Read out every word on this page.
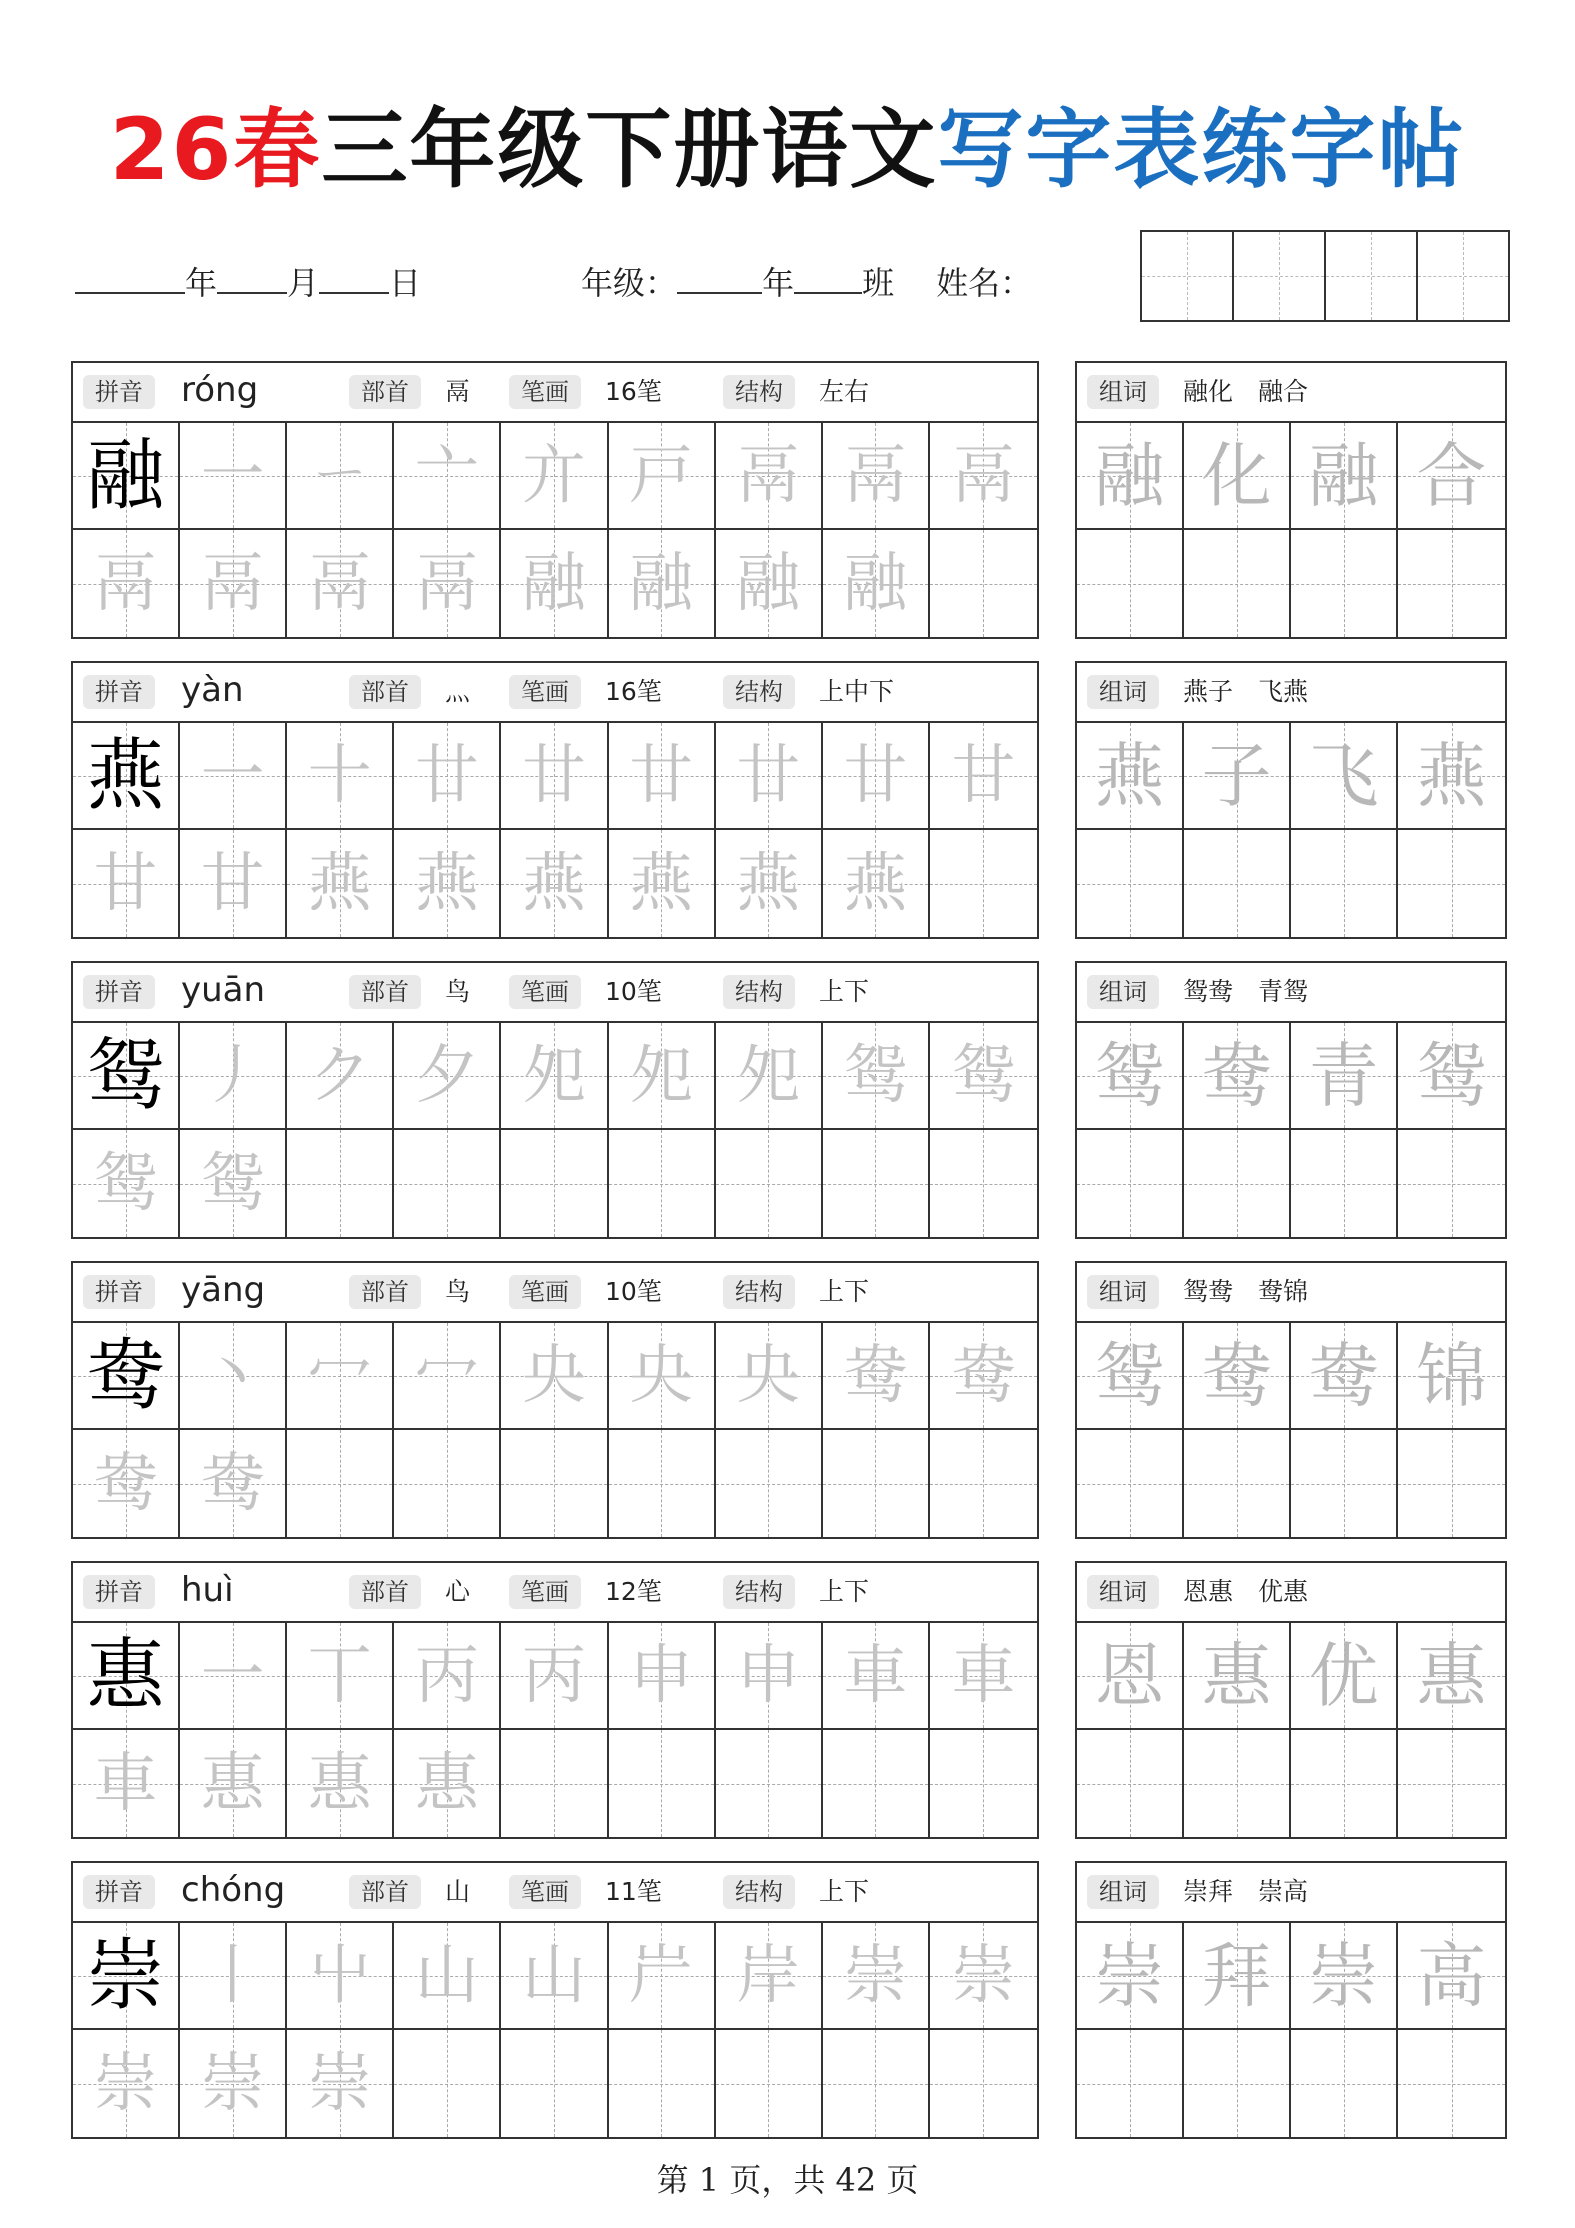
26春三年级下册语文写字表练字帖
年 月 日	年级：	年 班 姓名：
拼音	róng	部首	鬲	笔画	16笔	结构	左右
融 一 ㄧ 亠 亣 戸 鬲 鬲 鬲
鬲 鬲 鬲 鬲 融 融 融 融
组词	融化　融合
融 化 融 合
拼音	yàn	部首	灬	笔画	16笔	结构	上中下
燕 一 十 廿 廿 廿 廿 廿 甘
甘 甘 燕 燕 燕 燕 燕 燕
组词	燕子　飞燕
燕 子 飞 燕
拼音	yuān	部首	鸟	笔画	10笔	结构	上下
鸳 丿 ク 夕 夗 夗 夗 鸳 鸳
鸳 鸳
组词	鸳鸯　青鸳
鸳 鸯 青 鸳
拼音	yāng	部首	鸟	笔画	10笔	结构	上下
鸯 丶 冖 冖 央 央 央 鸯 鸯
鸯 鸯
组词	鸳鸯　鸯锦
鸳 鸯 鸯 锦
拼音	huì	部首	心	笔画	12笔	结构	上下
惠 一 丅 丙 丙 申 申 車 車
車 惠 惠 惠
组词	恩惠　优惠
恩 惠 优 惠
拼音	chóng	部首	山	笔画	11笔	结构	上下
崇 丨 屮 山 山 屵 岸 崇 崇
崇 崇 崇
组词	崇拜　崇高
崇 拜 崇 高
第 1 页，共 42 页
